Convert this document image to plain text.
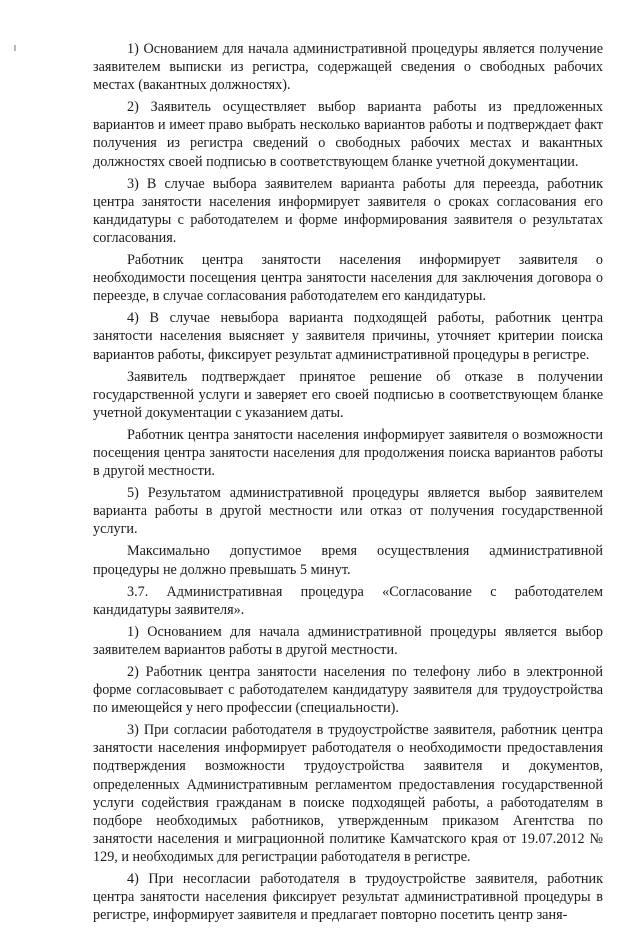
1) Основанием для начала административной процедуры является получение заявителем выписки из регистра, содержащей сведения о свободных рабочих местах (вакантных должностях).

2) Заявитель осуществляет выбор варианта работы из предложенных вариантов и имеет право выбрать несколько вариантов работы и подтверждает факт получения из регистра сведений о свободных рабочих местах и вакантных должностях своей подписью в соответствующем бланке учетной документации.

3) В случае выбора заявителем варианта работы для переезда, работник центра занятости населения информирует заявителя о сроках согласования его кандидатуры с работодателем и форме информирования заявителя о результатах согласования.

Работник центра занятости населения информирует заявителя о необходимости посещения центра занятости населения для заключения договора о переезде, в случае согласования работодателем его кандидатуры.

4) В случае невыбора варианта подходящей работы, работник центра занятости населения выясняет у заявителя причины, уточняет критерии поиска вариантов работы, фиксирует результат административной процедуры в регистре.

Заявитель подтверждает принятое решение об отказе в получении государственной услуги и заверяет его своей подписью в соответствующем бланке учетной документации с указанием даты.

Работник центра занятости населения информирует заявителя о возможности посещения центра занятости населения для продолжения поиска вариантов работы в другой местности.

5) Результатом административной процедуры является выбор заявителем варианта работы в другой местности или отказ от получения государственной услуги.

Максимально допустимое время осуществления административной процедуры не должно превышать 5 минут.

3.7. Административная процедура «Согласование с работодателем кандидатуры заявителя».

1) Основанием для начала административной процедуры является выбор заявителем вариантов работы в другой местности.

2) Работник центра занятости населения по телефону либо в электронной форме согласовывает с работодателем кандидатуру заявителя для трудоустройства по имеющейся у него профессии (специальности).

3) При согласии работодателя в трудоустройстве заявителя, работник центра занятости населения информирует работодателя о необходимости предоставления подтверждения возможности трудоустройства заявителя и документов, определенных Административным регламентом предоставления государственной услуги содействия гражданам в поиске подходящей работы, а работодателям в подборе необходимых работников, утвержденным приказом Агентства по занятости населения и миграционной политике Камчатского края от 19.07.2012 № 129, и необходимых для регистрации работодателя в регистре.

4) При несогласии работодателя в трудоустройстве заявителя, работник центра занятости населения фиксирует результат административной процедуры в регистре, информирует заявителя и предлагает повторно посетить центр заня-
